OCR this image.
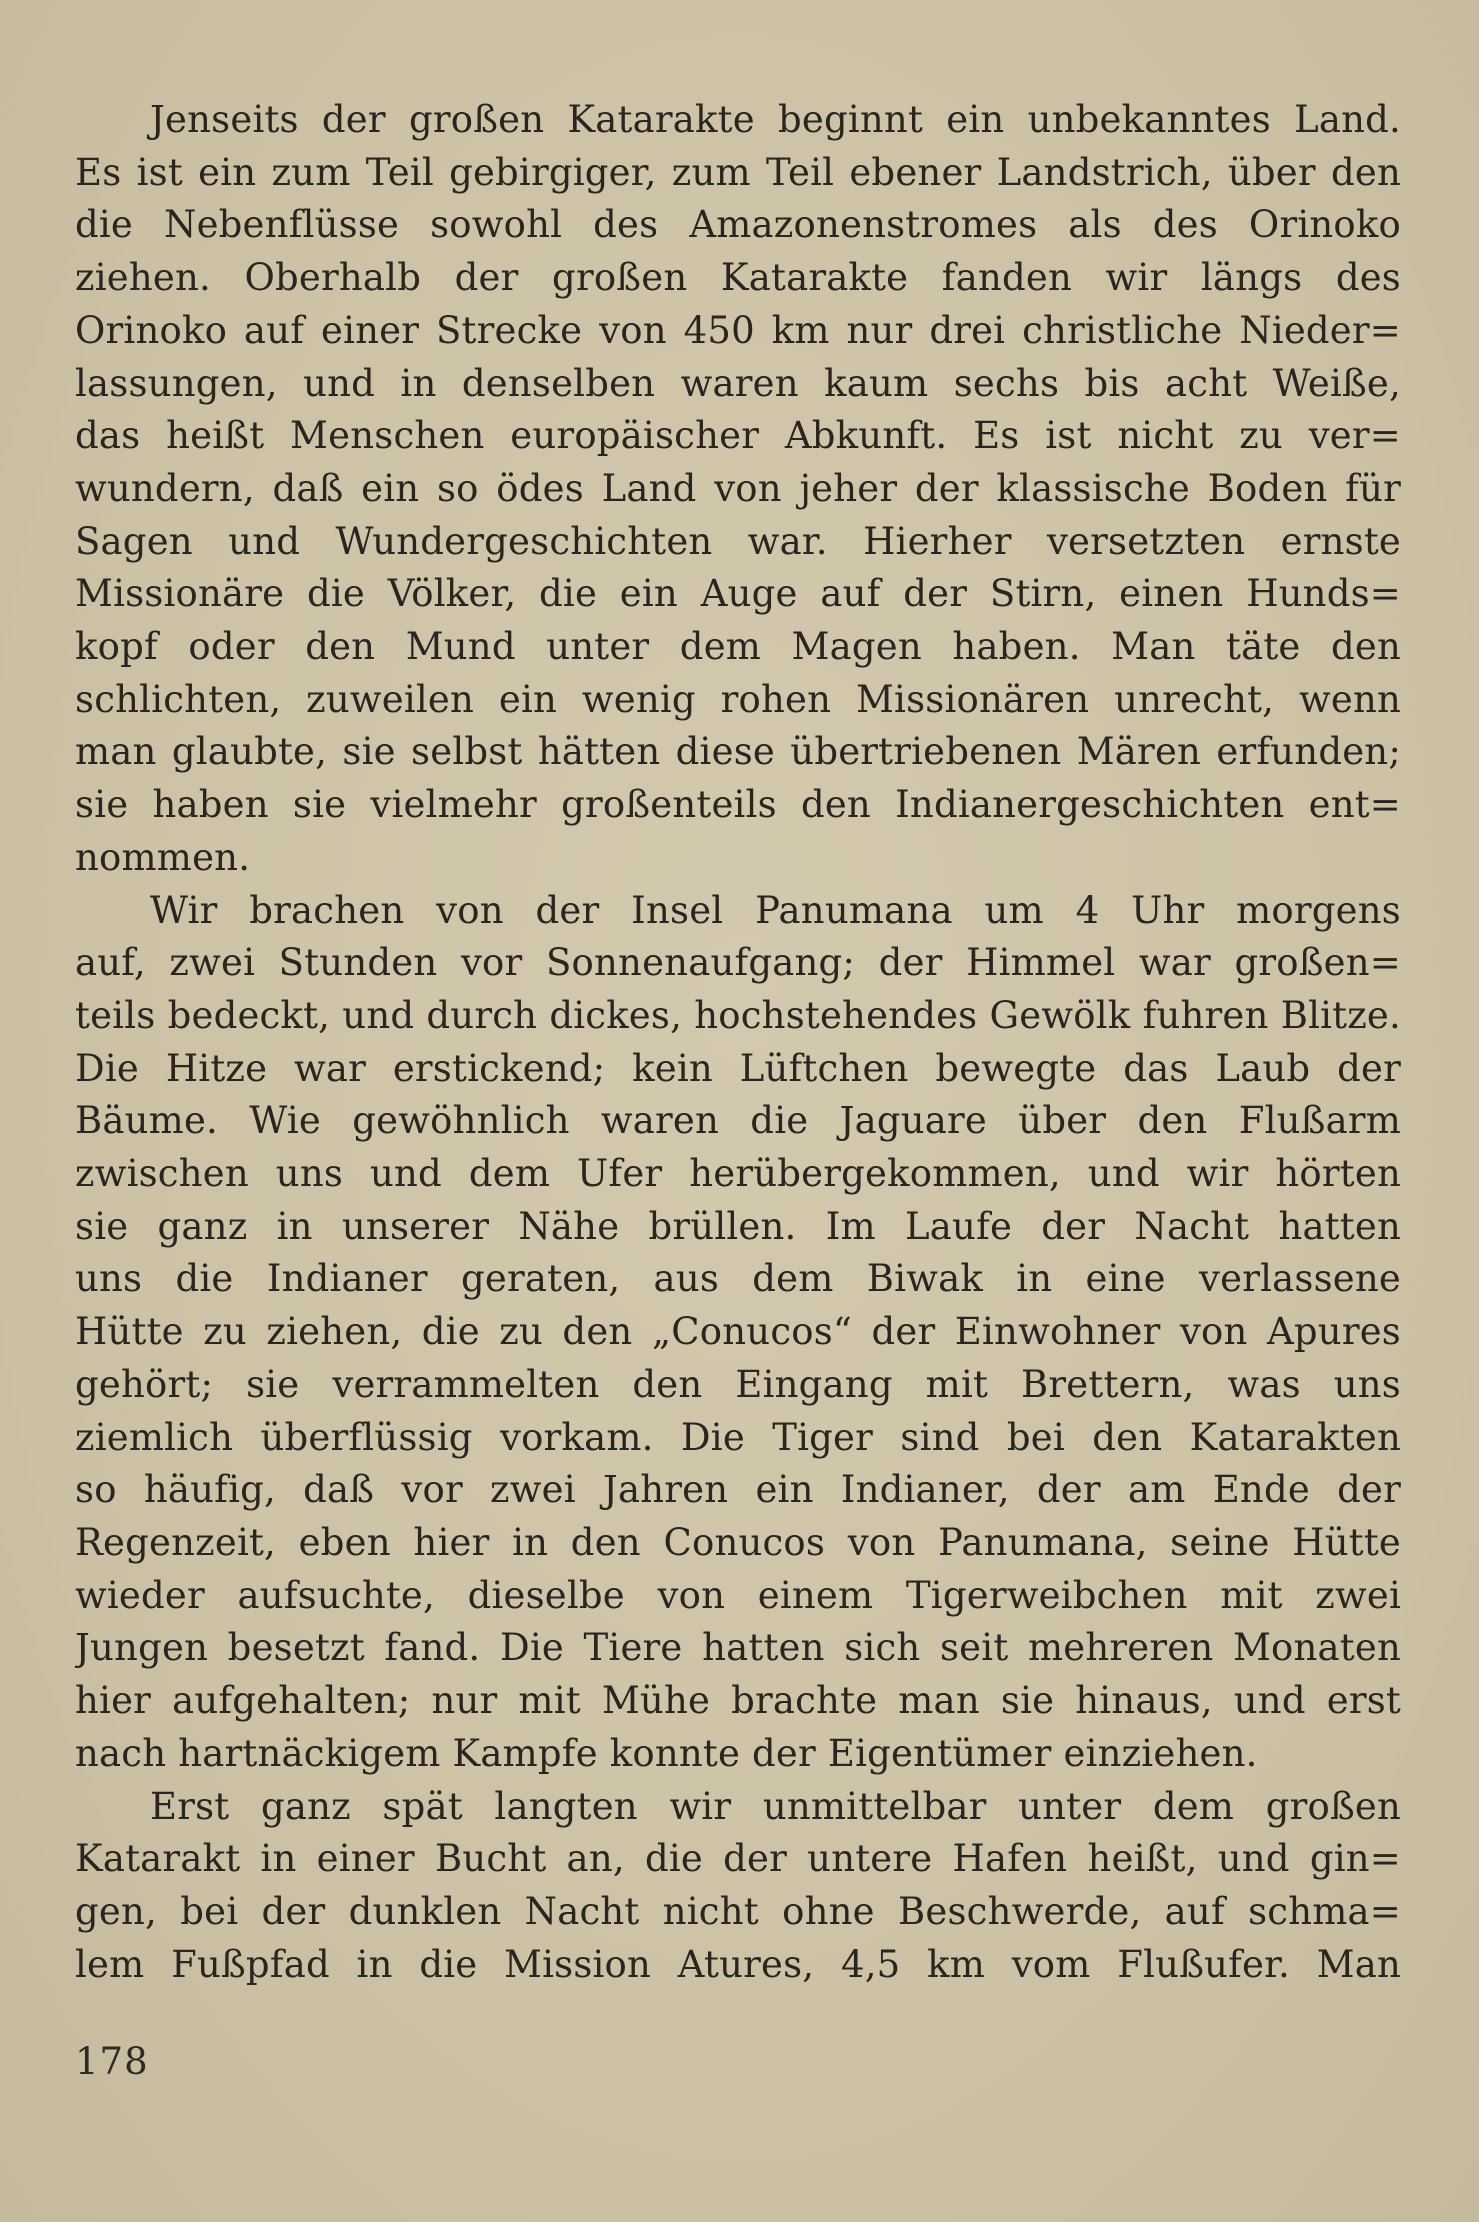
Jenseits der großen Katarakte beginnt ein unbekanntes Land.
Es ist ein zum Teil gebirgiger, zum Teil ebener Landstrich, über den
die Nebenflüsse sowohl des Amazonenstromes als des Orinoko
ziehen. Oberhalb der großen Katarakte fanden wir längs des
Orinoko auf einer Strecke von 450 km nur drei christliche Nieder=
lassungen, und in denselben waren kaum sechs bis acht Weiße,
das heißt Menschen europäischer Abkunft. Es ist nicht zu ver=
wundern, daß ein so ödes Land von jeher der klassische Boden für
Sagen und Wundergeschichten war. Hierher versetzten ernste
Missionäre die Völker, die ein Auge auf der Stirn, einen Hunds=
kopf oder den Mund unter dem Magen haben. Man täte den
schlichten, zuweilen ein wenig rohen Missionären unrecht, wenn
man glaubte, sie selbst hätten diese übertriebenen Mären erfunden;
sie haben sie vielmehr großenteils den Indianergeschichten ent=
nommen.

Wir brachen von der Insel Panumana um 4 Uhr morgens
auf, zwei Stunden vor Sonnenaufgang; der Himmel war großen=
teils bedeckt, und durch dickes, hochstehendes Gewölk fuhren Blitze.
Die Hitze war erstickend; kein Lüftchen bewegte das Laub der
Bäume. Wie gewöhnlich waren die Jaguare über den Flußarm
zwischen uns und dem Ufer herübergekommen, und wir hörten
sie ganz in unserer Nähe brüllen. Im Laufe der Nacht hatten
uns die Indianer geraten, aus dem Biwak in eine verlassene
Hütte zu ziehen, die zu den „Conucos“ der Einwohner von Apures
gehört; sie verrammelten den Eingang mit Brettern, was uns
ziemlich überflüssig vorkam. Die Tiger sind bei den Katarakten
so häufig, daß vor zwei Jahren ein Indianer, der am Ende der
Regenzeit, eben hier in den Conucos von Panumana, seine Hütte
wieder aufsuchte, dieselbe von einem Tigerweibchen mit zwei
Jungen besetzt fand. Die Tiere hatten sich seit mehreren Monaten
hier aufgehalten; nur mit Mühe brachte man sie hinaus, und erst
nach hartnäckigem Kampfe konnte der Eigentümer einziehen.

Erst ganz spät langten wir unmittelbar unter dem großen
Katarakt in einer Bucht an, die der untere Hafen heißt, und gin=
gen, bei der dunklen Nacht nicht ohne Beschwerde, auf schma=
lem Fußpfad in die Mission Atures, 4,5 km vom Flußufer. Man

178
